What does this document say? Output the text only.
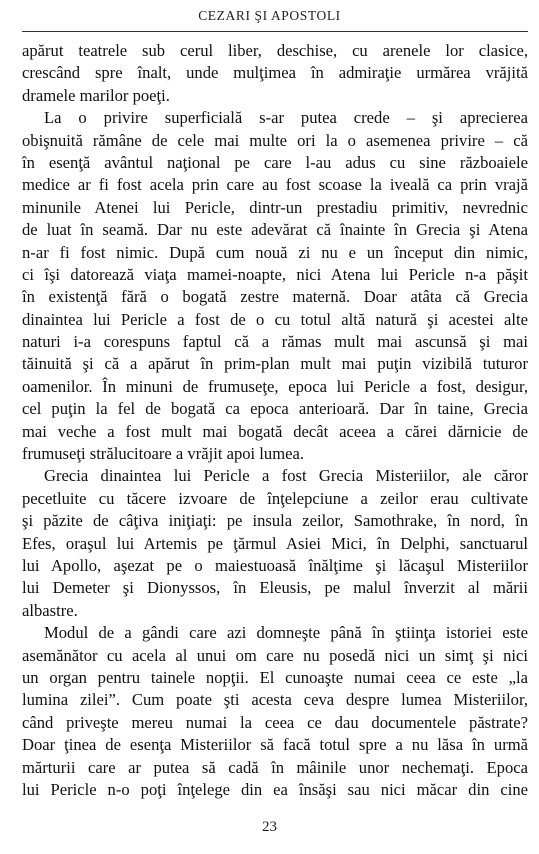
CEZARI ŞI APOSTOLI
apărut teatrele sub cerul liber, deschise, cu arenele lor clasice,
crescând spre înalt, unde mulţimea în admiraţie urmărea vrăjită
dramele marilor poeţi.
La o privire superficială s-ar putea crede – şi aprecierea
obişnuită rămâne de cele mai multe ori la o asemenea privire – că
în esenţă avântul naţional pe care l-au adus cu sine războaiele
medice ar fi fost acela prin care au fost scoase la iveală ca prin vrajă
minunile Atenei lui Pericle, dintr-un prestadiu primitiv, nevrednic
de luat în seamă. Dar nu este adevărat că înainte în Grecia şi Atena
n-ar fi fost nimic. După cum nouă zi nu e un început din nimic,
ci îşi datorează viaţa mamei-noapte, nici Atena lui Pericle n-a păşit
în existenţă fără o bogată zestre maternă. Doar atâta că Grecia
dinaintea lui Pericle a fost de o cu totul altă natură şi acestei alte
naturi i-a corespuns faptul că a rămas mult mai ascunsă şi mai
tăinuită şi că a apărut în prim-plan mult mai puţin vizibilă tuturor
oamenilor. În minuni de frumuseţe, epoca lui Pericle a fost, desigur,
cel puţin la fel de bogată ca epoca anterioară. Dar în taine, Grecia
mai veche a fost mult mai bogată decât aceea a cărei dărnicie de
frumuseţi strălucitoare a vrăjit apoi lumea.
Grecia dinaintea lui Pericle a fost Grecia Misteriilor, ale căror
pecetluite cu tăcere izvoare de înţelepciune a zeilor erau cultivate
şi păzite de câţiva iniţiaţi: pe insula zeilor, Samothrake, în nord, în
Efes, oraşul lui Artemis pe ţărmul Asiei Mici, în Delphi, sanctuarul
lui Apollo, aşezat pe o maiestuoasă înălţime şi lăcaşul Misteriilor
lui Demeter şi Dionyssos, în Eleusis, pe malul înverzit al mării
albastre.
Modul de a gândi care azi domneşte până în ştiinţa istoriei este
asemănător cu acela al unui om care nu posedă nici un simţ şi nici
un organ pentru tainele nopţii. El cunoaşte numai ceea ce este „la
lumina zilei”. Cum poate şti acesta ceva despre lumea Misteriilor,
când priveşte mereu numai la ceea ce dau documentele păstrate?
Doar ţinea de esenţa Misteriilor să facă totul spre a nu lăsa în urmă
mărturii care ar putea să cadă în mâinile unor nechemaţi. Epoca
lui Pericle n-o poţi înţelege din ea însăşi sau nici măcar din cine
23
